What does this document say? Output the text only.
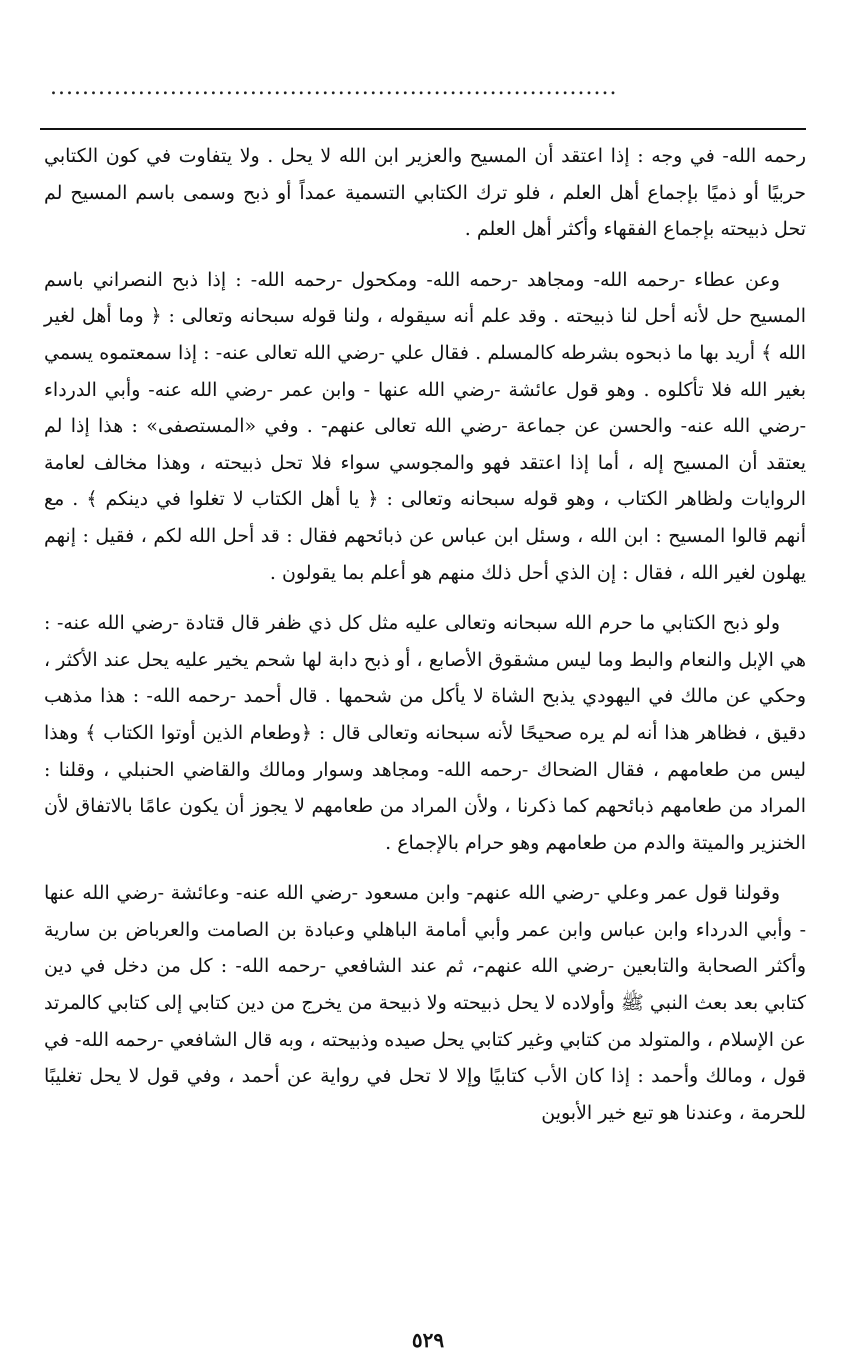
.......................................................................

رحمه الله- في وجه : إذا اعتقد أن المسيح والعزير ابن الله لا يحل . ولا يتفاوت في كون الكتابي حربيًا أو ذميًا بإجماع أهل العلم ، فلو ترك الكتابي التسمية عمداً أو ذبح وسمى باسم المسيح لم تحل ذبيحته بإجماع الفقهاء وأكثر أهل العلم .

وعن عطاء -رحمه الله- ومجاهد -رحمه الله- ومكحول -رحمه الله- : إذا ذبح النصراني باسم المسيح حل لأنه أحل لنا ذبيحته . وقد علم أنه سيقوله ، ولنا قوله سبحانه وتعالى : ﴿ وما أهل لغير الله ﴾ أريد بها ما ذبحوه بشرطه كالمسلم . فقال علي -رضي الله تعالى عنه- : إذا سمعتموه يسمي بغير الله فلا تأكلوه . وهو قول عائشة -رضي الله عنها - وابن عمر -رضي الله عنه- وأبي الدرداء -رضي الله عنه- والحسن عن جماعة -رضي الله تعالى عنهم- . وفي «المستصفى» : هذا إذا لم يعتقد أن المسيح إله ، أما إذا اعتقد فهو والمجوسي سواء فلا تحل ذبيحته ، وهذا مخالف لعامة الروايات ولظاهر الكتاب ، وهو قوله سبحانه وتعالى : ﴿ يا أهل الكتاب لا تغلوا في دينكم ﴾ . مع أنهم قالوا المسيح : ابن الله ، وسئل ابن عباس عن ذبائحهم فقال : قد أحل الله لكم ، فقيل : إنهم يهلون لغير الله ، فقال : إن الذي أحل ذلك منهم هو أعلم بما يقولون .

ولو ذبح الكتابي ما حرم الله سبحانه وتعالى عليه مثل كل ذي ظفر قال قتادة -رضي الله عنه- : هي الإبل والنعام والبط وما ليس مشقوق الأصابع ، أو ذبح دابة لها شحم يخير عليه يحل عند الأكثر ، وحكي عن مالك في اليهودي يذبح الشاة لا يأكل من شحمها . قال أحمد -رحمه الله- : هذا مذهب دقيق ، فظاهر هذا أنه لم يره صحيحًا لأنه سبحانه وتعالى قال : ﴿وطعام الذين أوتوا الكتاب ﴾ وهذا ليس من طعامهم ، فقال الضحاك -رحمه الله- ومجاهد وسوار ومالك والقاضي الحنبلي ، وقلنا : المراد من طعامهم ذبائحهم كما ذكرنا ، ولأن المراد من طعامهم لا يجوز أن يكون عامًا بالاتفاق لأن الخنزير والميتة والدم من طعامهم وهو حرام بالإجماع .

وقولنا قول عمر وعلي -رضي الله عنهم- وابن مسعود -رضي الله عنه- وعائشة -رضي الله عنها - وأبي الدرداء وابن عباس وابن عمر وأبي أمامة الباهلي وعبادة بن الصامت والعرباض بن سارية وأكثر الصحابة والتابعين -رضي الله عنهم-، ثم عند الشافعي -رحمه الله- : كل من دخل في دين كتابي بعد بعث النبي ﷺ وأولاده لا يحل ذبيحته ولا ذبيحة من يخرج من دين كتابي إلى كتابي كالمرتد عن الإسلام ، والمتولد من كتابي وغير كتابي يحل صيده وذبيحته ، وبه قال الشافعي -رحمه الله- في قول ، ومالك وأحمد : إذا كان الأب كتابيًا وإلا لا تحل في رواية عن أحمد ، وفي قول لا يحل تغليبًا للحرمة ، وعندنا هو تبع خير الأبوين

٥٢٩
